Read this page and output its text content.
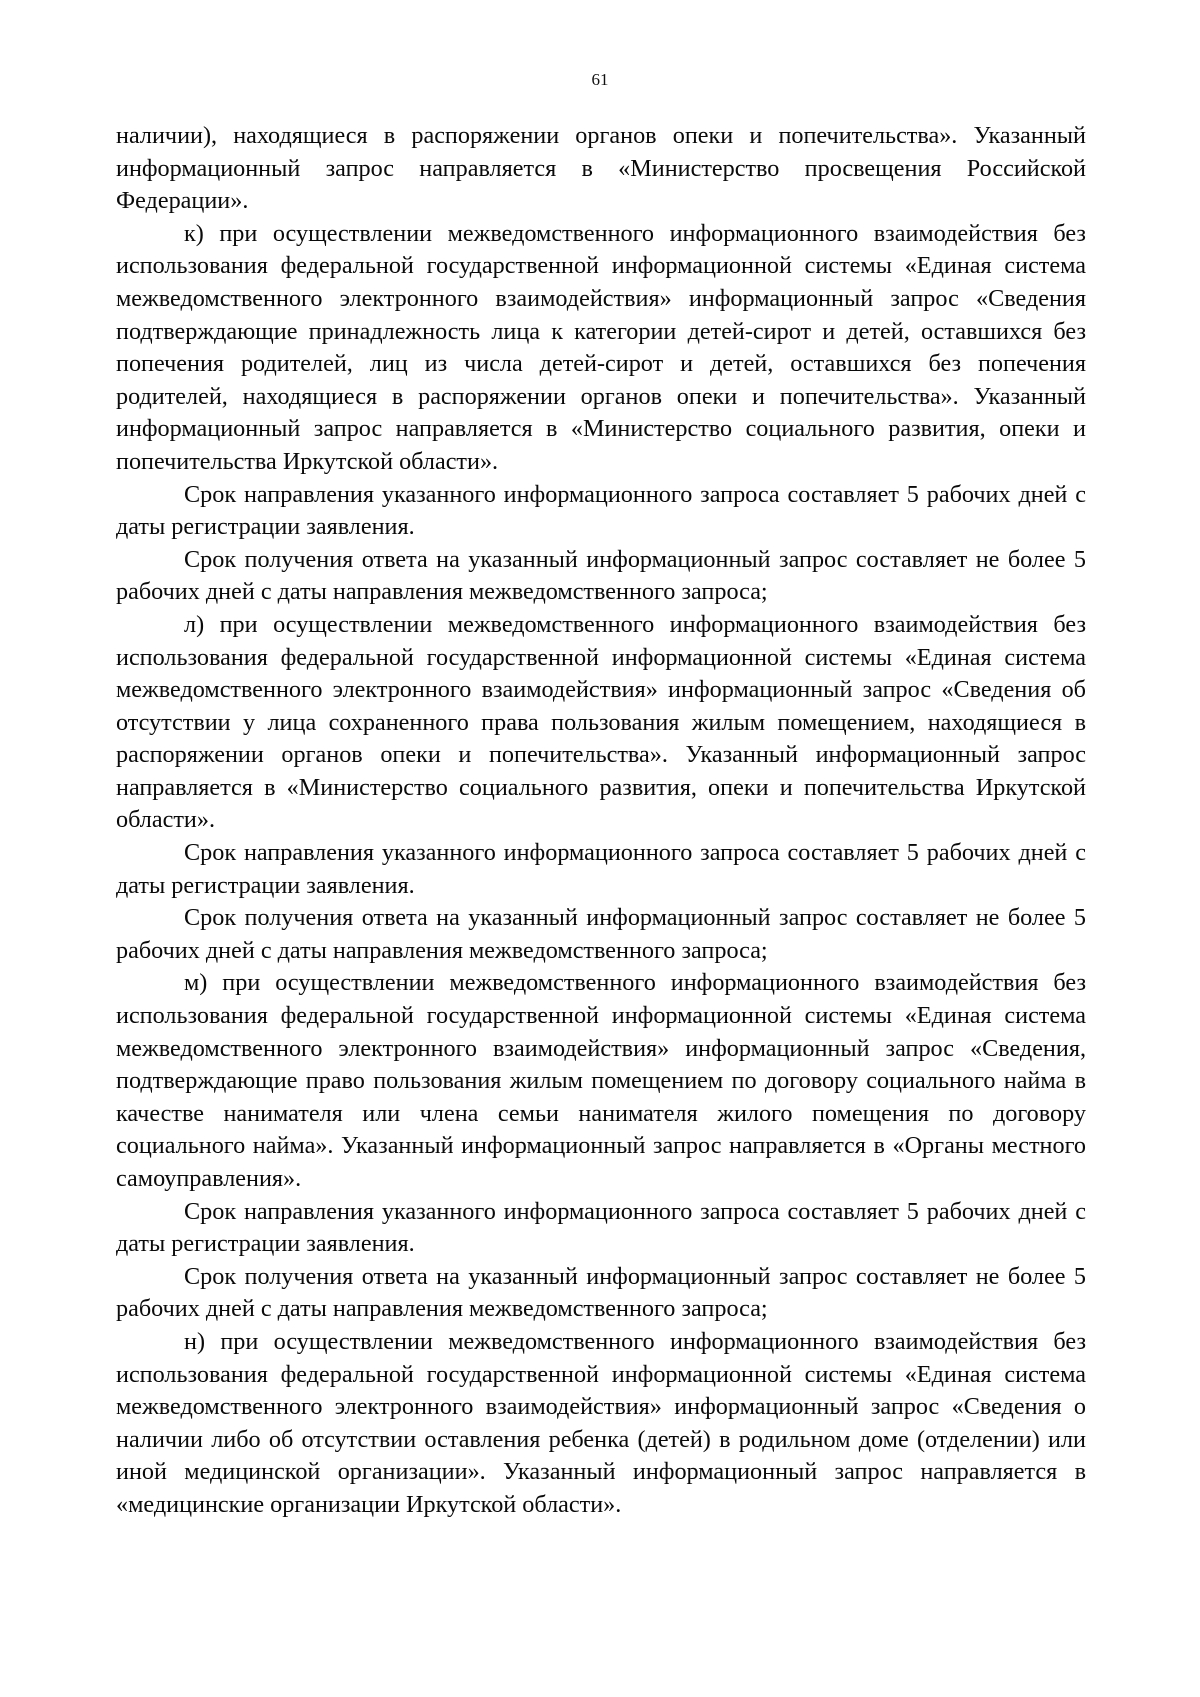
61

наличии), находящиеся в распоряжении органов опеки и попечительства». Указанный информационный запрос направляется в «Министерство просвещения Российской Федерации».

к) при осуществлении межведомственного информационного взаимодействия без использования федеральной государственной информационной системы «Единая система межведомственного электронного взаимодействия» информационный запрос «Сведения подтверждающие принадлежность лица к категории детей-сирот и детей, оставшихся без попечения родителей, лиц из числа детей-сирот и детей, оставшихся без попечения родителей, находящиеся в распоряжении органов опеки и попечительства». Указанный информационный запрос направляется в «Министерство социального развития, опеки и попечительства Иркутской области».

Срок направления указанного информационного запроса составляет 5 рабочих дней с даты регистрации заявления.

Срок получения ответа на указанный информационный запрос составляет не более 5 рабочих дней с даты направления межведомственного запроса;

л) при осуществлении межведомственного информационного взаимодействия без использования федеральной государственной информационной системы «Единая система межведомственного электронного взаимодействия» информационный запрос «Сведения об отсутствии у лица сохраненного права пользования жилым помещением, находящиеся в распоряжении органов опеки и попечительства». Указанный информационный запрос направляется в «Министерство социального развития, опеки и попечительства Иркутской области».

Срок направления указанного информационного запроса составляет 5 рабочих дней с даты регистрации заявления.

Срок получения ответа на указанный информационный запрос составляет не более 5 рабочих дней с даты направления межведомственного запроса;

м) при осуществлении межведомственного информационного взаимодействия без использования федеральной государственной информационной системы «Единая система межведомственного электронного взаимодействия» информационный запрос «Сведения, подтверждающие право пользования жилым помещением по договору социального найма в качестве нанимателя или члена семьи нанимателя жилого помещения по договору социального найма». Указанный информационный запрос направляется в «Органы местного самоуправления».

Срок направления указанного информационного запроса составляет 5 рабочих дней с даты регистрации заявления.

Срок получения ответа на указанный информационный запрос составляет не более 5 рабочих дней с даты направления межведомственного запроса;

н) при осуществлении межведомственного информационного взаимодействия без использования федеральной государственной информационной системы «Единая система межведомственного электронного взаимодействия» информационный запрос «Сведения о наличии либо об отсутствии оставления ребенка (детей) в родильном доме (отделении) или иной медицинской организации». Указанный информационный запрос направляется в «медицинские организации Иркутской области».
